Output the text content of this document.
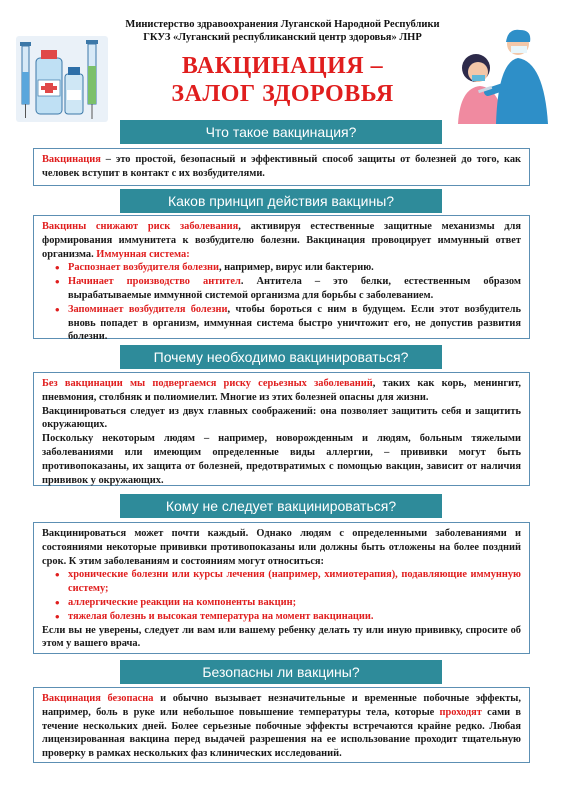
Министерство здравоохранения Луганской Народной Республики
ГКУЗ «Луганский республиканский центр здоровья» ЛНР
ВАКЦИНАЦИЯ –
ЗАЛОГ ЗДОРОВЬЯ
Что такое вакцинация?

Вакцинация – это простой, безопасный и эффективный способ защиты от болезней до того, как человек вступит в контакт с их возбудителями.

Каков принцип действия вакцины?

Вакцины снижают риск заболевания, активируя естественные защитные механизмы для формирования иммунитета к возбудителю болезни. Вакцинация провоцирует иммунный ответ организма. Иммунная система:

• Распознает возбудителя болезни, например, вирус или бактерию.
• Начинает производство антител. Антитела – это белки, естественным образом вырабатываемые иммунной системой организма для борьбы с заболеванием.
• Запоминает возбудителя болезни, чтобы бороться с ним в будущем. Если этот возбудитель вновь попадет в организм, иммунная система быстро уничтожит его, не допустив развития болезни.
Почему необходимо вакцинироваться?

Без вакцинации мы подвергаемся риску серьезных заболеваний, таких как корь, менингит, пневмония, столбняк и полиомиелит. Многие из этих болезней опасны для жизни.

Вакцинироваться следует из двух главных соображений: она позволяет защитить себя и защитить окружающих.

Поскольку некоторым людям – например, новорожденным и людям, больным тяжелыми заболеваниями или имеющим определенные виды аллергии, – прививки могут быть противопоказаны, их защита от болезней, предотвратимых с помощью вакцин, зависит от наличия прививок у окружающих.

Кому не следует вакцинироваться?

Вакцинироваться может почти каждый. Однако людям с определенными заболеваниями и состояниями некоторые прививки противопоказаны или должны быть отложены на более поздний срок. К этим заболеваниям и состояниям могут относиться:

• хронические болезни или курсы лечения (например, химиотерапия), подавляющие иммунную систему;
• аллергические реакции на компоненты вакцин;
• тяжелая болезнь и высокая температура на момент вакцинации.

Если вы не уверены, следует ли вам или вашему ребенку делать ту или иную прививку, спросите об этом у вашего врача.

Безопасны ли вакцины?

Вакцинация безопасна и обычно вызывает незначительные и временные побочные эффекты, например, боль в руке или небольшое повышение температуры тела, которые проходят сами в течение нескольких дней. Более серьезные побочные эффекты встречаются крайне редко. Любая лицензированная вакцина перед выдачей разрешения на ее использование проходит тщательную проверку в рамках нескольких фаз клинических исследований.
